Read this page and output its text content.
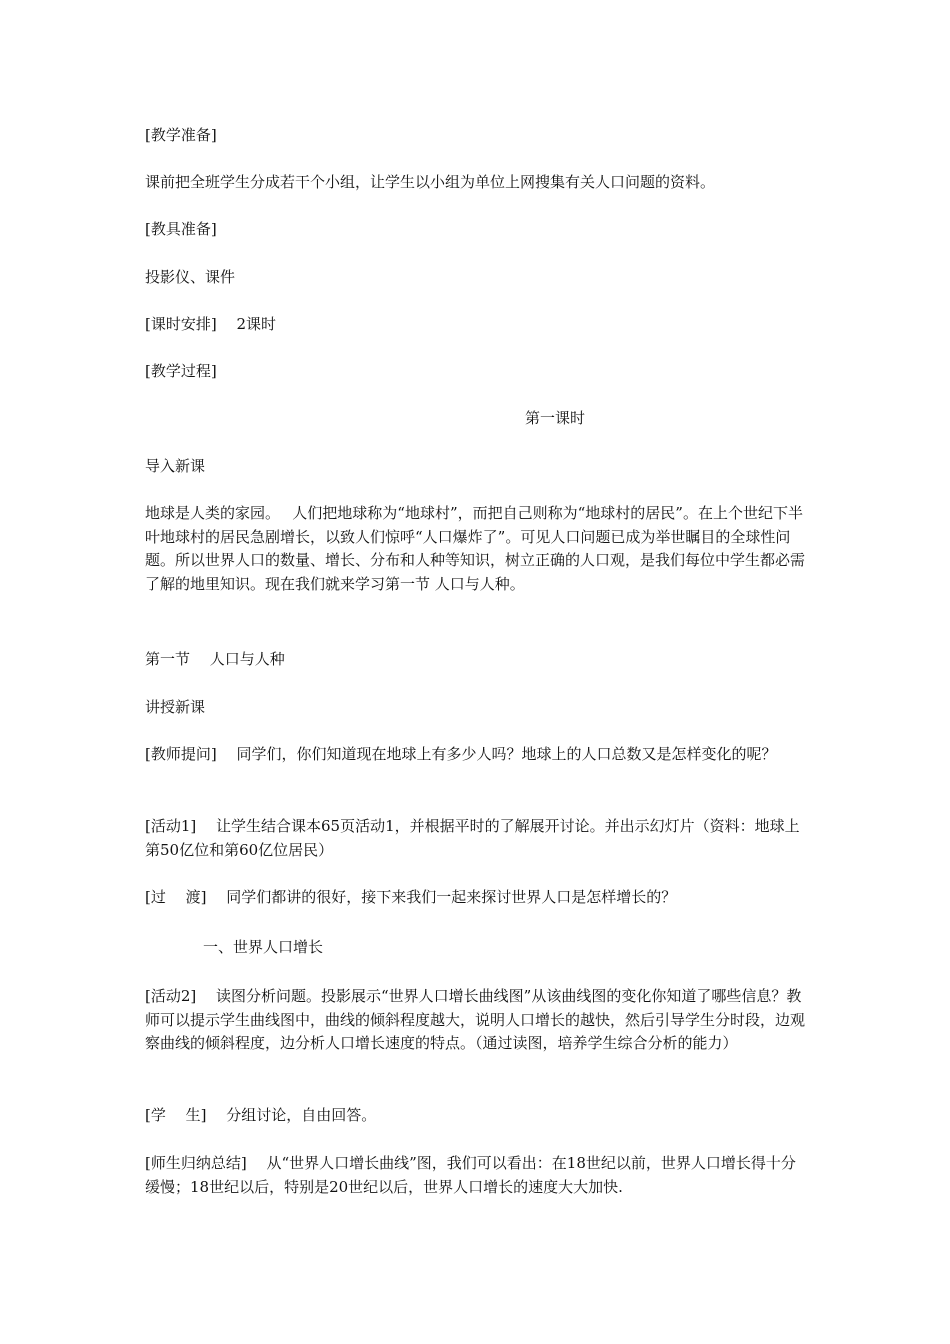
[教学准备]

课前把全班学生分成若干个小组，让学生以小组为单位上网搜集有关人口问题的资料。

[教具准备]

投影仪、课件

[课时安排]　 2课时

[教学过程]

第一课时

导入新课

地球是人类的家园。　 人们把地球称为“地球村”，而把自己则称为“地球村的居民”。在上个世纪下半叶地球村的居民急剧增长，以致人们惊呼“人口爆炸了”。可见人口问题已成为举世瞩目的全球性问题。所以世界人口的数量、增长、分布和人种等知识，树立正确的人口观，是我们每位中学生都必需了解的地里知识。现在我们就来学习第一节 人口与人种。

第一节　 人口与人种

讲授新课

[教师提问]　 同学们，你们知道现在地球上有多少人吗？地球上的人口总数又是怎样变化的呢？

[活动1]　 让学生结合课本65页活动1，并根据平时的了解展开讨论。并出示幻灯片（资料：地球上第50亿位和第60亿位居民）

[过　 渡]　 同学们都讲的很好，接下来我们一起来探讨世界人口是怎样增长的？

一、世界人口增长

[活动2]　 读图分析问题。投影展示“世界人口增长曲线图”从该曲线图的变化你知道了哪些信息？教师可以提示学生曲线图中，曲线的倾斜程度越大，说明人口增长的越快，然后引导学生分时段，边观察曲线的倾斜程度，边分析人口增长速度的特点。（通过读图，培养学生综合分析的能力）

[学　 生]　 分组讨论，自由回答。

[师生归纳总结]　 从“世界人口增长曲线”图，我们可以看出：在18世纪以前，世界人口增长得十分缓慢；18世纪以后，特别是20世纪以后，世界人口增长的速度大大加快.
